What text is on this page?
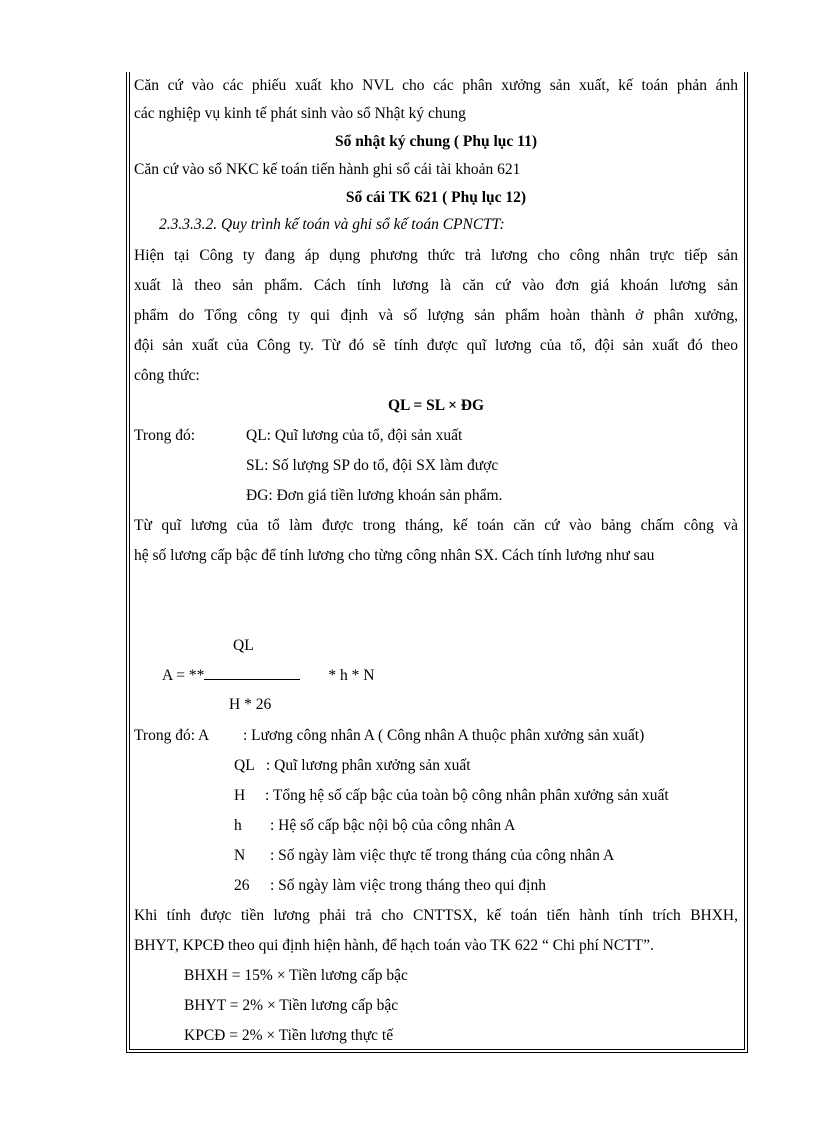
Căn cứ vào các phiếu xuất kho NVL cho các phân xưởng sản xuất, kế toán phản ánh
các nghiệp vụ kinh tế phát sinh vào sổ Nhật ký chung
Sổ nhật ký chung ( Phụ lục 11)
Căn cứ vào sổ NKC kế toán tiến hành ghi sổ cái tài khoản 621
Sổ cái TK 621 ( Phụ lục 12)
2.3.3.3.2. Quy trình kế toán và ghi sổ kế toán CPNCTT:
Hiện tại Công ty đang áp dụng phương thức trả lương cho công nhân trực tiếp sản
xuất là theo sản phẩm. Cách tính lương là căn cứ vào đơn giá khoán lương sản
phẩm do Tổng công ty qui định và số lượng sản phẩm hoàn thành ở phân xưởng,
đội sản xuất của Công ty. Từ đó sẽ tính được quĩ lương của tổ, đội sản xuất đó theo
công thức:
QL = SL × ĐG
Trong đó:	QL: Quĩ lương của tổ, đội sản xuất
SL: Số lượng SP do tổ, đội SX làm được
ĐG: Đơn giá tiền lương khoán sản phẩm.
Từ quĩ lương của tổ làm được trong tháng, kế toán căn cứ vào bảng chấm công và
hệ số lương cấp bậc để tính lương cho từng công nhân SX. Cách tính lương như sau
QL
A = **	* h * N
H * 26
Trong đó: A : Lương công nhân A ( Công nhân A thuộc phân xưởng sản xuất)
QL : Quĩ lương phân xưởng sản xuất
H : Tổng hệ số cấp bậc của toàn bộ công nhân phân xưởng sản xuất
h : Hệ số cấp bậc nội bộ của công nhân A
N : Số ngày làm việc thực tế trong tháng của công nhân A
26 : Số ngày làm việc trong tháng theo qui định
Khi tính được tiền lương phải trả cho CNTTSX, kế toán tiến hành tính trích BHXH,
BHYT, KPCĐ theo qui định hiện hành, để hạch toán vào TK 622 “ Chi phí NCTT”.
BHXH = 15% × Tiền lương cấp bậc
BHYT = 2% × Tiền lương cấp bậc
KPCĐ = 2% × Tiền lương thực tế
